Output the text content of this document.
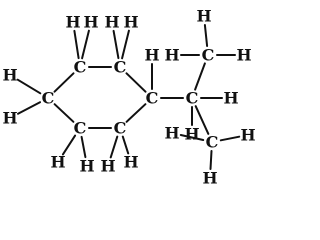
C C
C
C
C
C	C
C
C
H H H H
H
H
H H H H
H
H
H
H
H	H
H	H
H
